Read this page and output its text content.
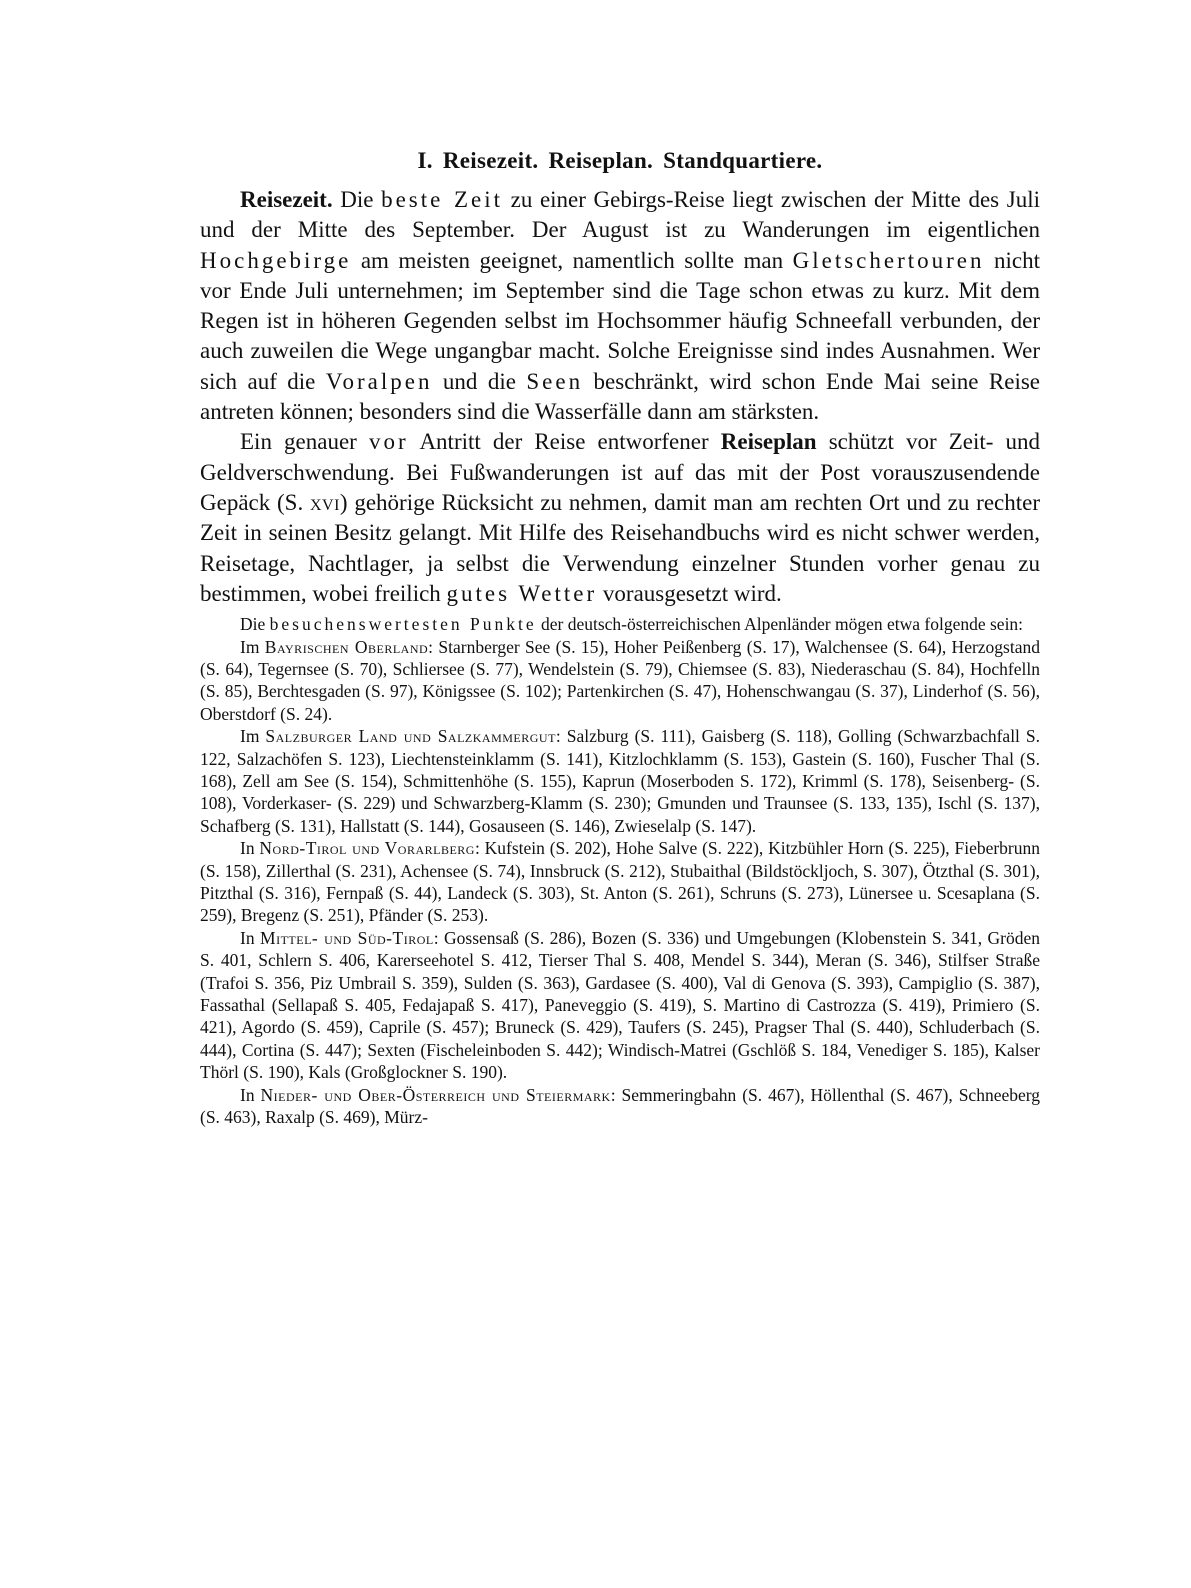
I. Reisezeit. Reiseplan. Standquartiere.

Reisezeit. Die beste Zeit zu einer Gebirgs-Reise liegt zwischen der Mitte des Juli und der Mitte des September. Der August ist zu Wanderungen im eigentlichen Hochgebirge am meisten geeignet, namentlich sollte man Gletschertouren nicht vor Ende Juli unternehmen; im September sind die Tage schon etwas zu kurz. Mit dem Regen ist in höheren Gegenden selbst im Hochsommer häufig Schneefall verbunden, der auch zuweilen die Wege ungangbar macht. Solche Ereignisse sind indes Ausnahmen. Wer sich auf die Voralpen und die Seen beschränkt, wird schon Ende Mai seine Reise antreten können; besonders sind die Wasserfälle dann am stärksten.

Ein genauer vor Antritt der Reise entworfener Reiseplan schützt vor Zeit- und Geldverschwendung. Bei Fußwanderungen ist auf das mit der Post vorauszusendende Gepäck (S. xvi) gehörige Rücksicht zu nehmen, damit man am rechten Ort und zu rechter Zeit in seinen Besitz gelangt. Mit Hilfe des Reisehandbuchs wird es nicht schwer werden, Reisetage, Nachtlager, ja selbst die Verwendung einzelner Stunden vorher genau zu bestimmen, wobei freilich gutes Wetter vorausgesetzt wird.

Die besuchenswertesten Punkte der deutsch-österreichischen Alpenländer mögen etwa folgende sein:

Im Bayrischen Oberland: Starnberger See (S. 15), Hoher Peißenberg (S. 17), Walchensee (S. 64), Herzogstand (S. 64), Tegernsee (S. 70), Schliersee (S. 77), Wendelstein (S. 79), Chiemsee (S. 83), Niederaschau (S. 84), Hochfelln (S. 85), Berchtesgaden (S. 97), Königssee (S. 102); Partenkirchen (S. 47), Hohenschwangau (S. 37), Linderhof (S. 56), Oberstdorf (S. 24).

Im Salzburger Land und Salzkammergut: Salzburg (S. 111), Gaisberg (S. 118), Golling (Schwarzbachfall S. 122, Salzachöfen S. 123), Liechtensteinklamm (S. 141), Kitzlochklamm (S. 153), Gastein (S. 160), Fuscher Thal (S. 168), Zell am See (S. 154), Schmittenhöhe (S. 155), Kaprun (Moserboden S. 172), Krimml (S. 178), Seisenberg- (S. 108), Vorderkaser- (S. 229) und Schwarzberg-Klamm (S. 230); Gmunden und Traunsee (S. 133, 135), Ischl (S. 137), Schafberg (S. 131), Hallstatt (S. 144), Gosauseen (S. 146), Zwieselalp (S. 147).

In Nord-Tirol und Vorarlberg: Kufstein (S. 202), Hohe Salve (S. 222), Kitzbühler Horn (S. 225), Fieberbrunn (S. 158), Zillerthal (S. 231), Achensee (S. 74), Innsbruck (S. 212), Stubaithal (Bildstöckljoch, S. 307), Ötzthal (S. 301), Pitzthal (S. 316), Fernpaß (S. 44), Landeck (S. 303), St. Anton (S. 261), Schruns (S. 273), Lünersee u. Scesaplana (S. 259), Bregenz (S. 251), Pfänder (S. 253).

In Mittel- und Süd-Tirol: Gossensaß (S. 286), Bozen (S. 336) und Umgebungen (Klobenstein S. 341, Gröden S. 401, Schlern S. 406, Karerseehotel S. 412, Tierser Thal S. 408, Mendel S. 344), Meran (S. 346), Stilfser Straße (Trafoi S. 356, Piz Umbrail S. 359), Sulden (S. 363), Gardasee (S. 400), Val di Genova (S. 393), Campiglio (S. 387), Fassathal (Sellapaß S. 405, Fedajapaß S. 417), Paneveggio (S. 419), S. Martino di Castrozza (S. 419), Primiero (S. 421), Agordo (S. 459), Caprile (S. 457); Bruneck (S. 429), Taufers (S. 245), Pragser Thal (S. 440), Schluderbach (S. 444), Cortina (S. 447); Sexten (Fischeleinboden S. 442); Windisch-Matrei (Gschlöß S. 184, Venediger S. 185), Kalser Thörl (S. 190), Kals (Großglockner S. 190).

In Nieder- und Ober-Österreich und Steiermark: Semmeringbahn (S. 467), Höllenthal (S. 467), Schneeberg (S. 463), Raxalp (S. 469), Mürz-
